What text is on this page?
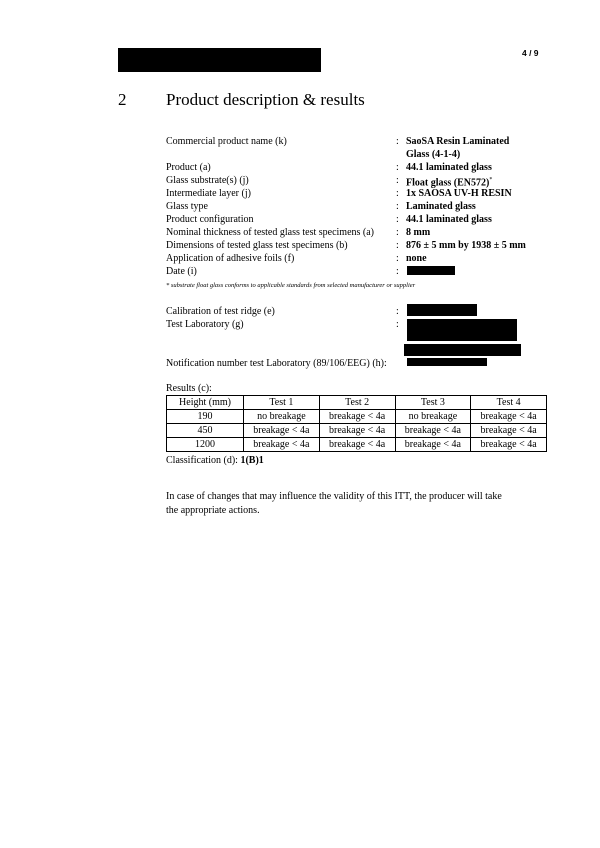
4 / 9
2 Product description & results
Commercial product name (k)	: SaoSA Resin Laminated
Glass (4-1-4)
Product (a)	: 44.1 laminated glass
Glass substrate(s) (j)	: Float glass (EN572)*
Intermediate layer (j)	: 1x SAOSA UV-H RESIN
Glass type	: Laminated glass
Product configuration	: 44.1 laminated glass
Nominal thickness of tested glass test specimens (a) : 8 mm
Dimensions of tested glass test specimens (b)	: 876 ± 5 mm by 1938 ± 5 mm
Application of adhesive foils (f)	: none
Date (i)	:
* substrate float glass conforms to applicable standards from selected manufacturer or supplier
Calibration of test ridge (e)	:
Test Laboratory (g)	:
Notification number test Laboratory (89/106/EEG) (h):
Results (c):
Height (mm)	Test 1	Test 2	Test 3	Test 4
190	no breakage	breakage < 4a	no breakage	breakage < 4a
450	breakage < 4a	breakage < 4a	breakage < 4a	breakage < 4a
1200	breakage < 4a	breakage < 4a	breakage < 4a	breakage < 4a
Classification (d): 1(B)1
In case of changes that may influence the validity of this ITT, the producer will take the appropriate actions.
